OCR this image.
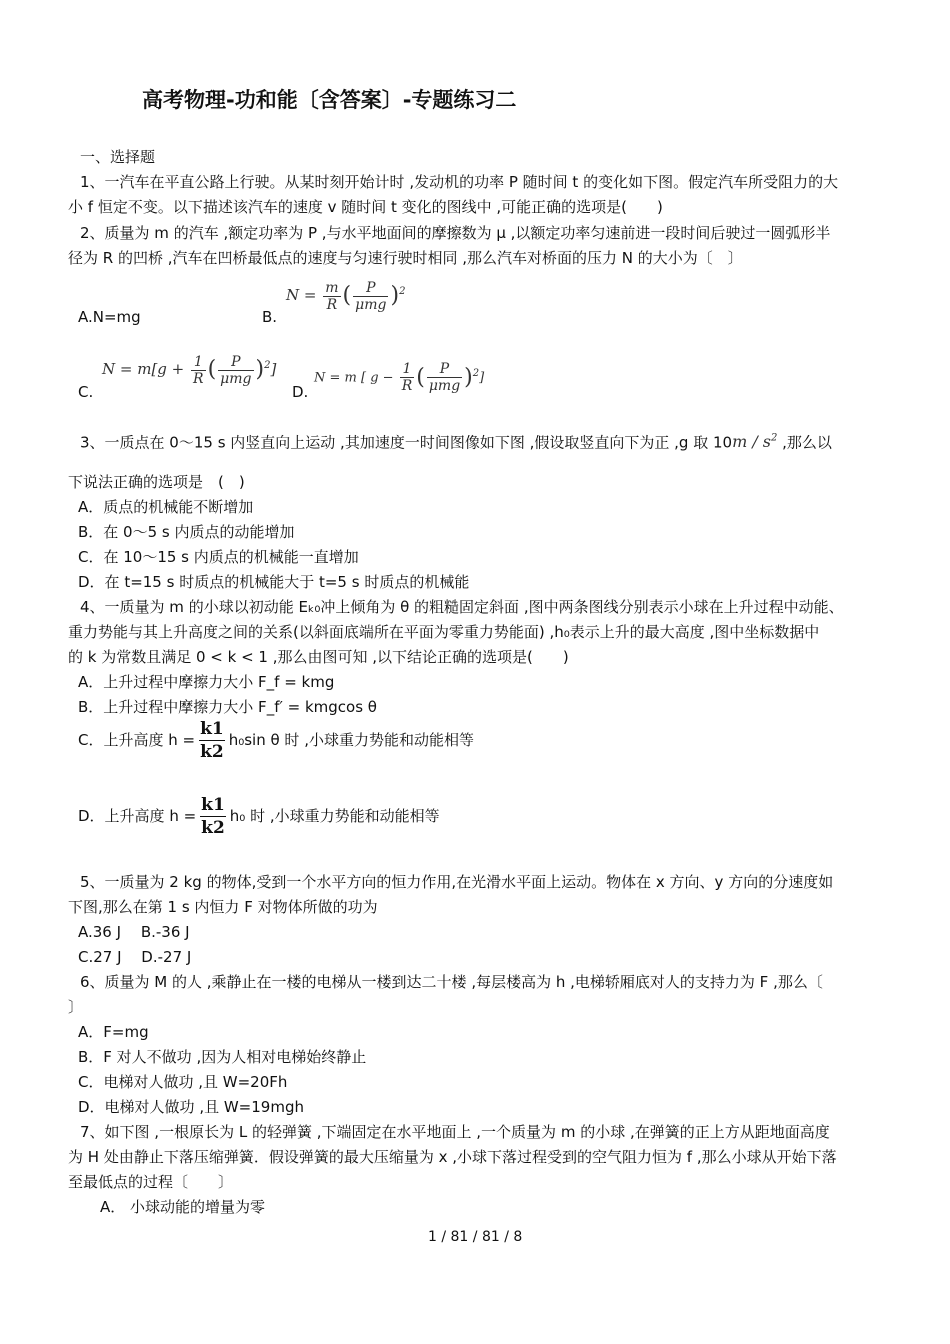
高考物理-功和能〔含答案〕-专题练习二
一、选择题
1、一汽车在平直公路上行驶。从某时刻开始计时 ,发动机的功率 P 随时间 t 的变化如下图。假定汽车所受阻力的大
小 f 恒定不变。以下描述该汽车的速度 v 随时间 t 变化的图线中 ,可能正确的选项是(　　)
2、质量为 m 的汽车 ,额定功率为 P ,与水平地面间的摩擦数为 μ ,以额定功率匀速前进一段时间后驶过一圆弧形半
径为 R 的凹桥 ,汽车在凹桥最低点的速度与匀速行驶时相同 ,那么汽车对桥面的压力 N 的大小为〔　〕
A.N=mg	B.
$N = \frac{m}{R}$ ( $\frac{P}{\text{μmg}} )^2$
$N = m[g + \frac{1}{R}$ ( $\frac{P}{\text{μmg}} )^2$]
C.	D.
N = m [ $g - \frac{1}{R}$ ( $\frac{P}{\text{μmg}} )^2$]
3、一质点在 0～15 s 内竖直向上运动 ,其加速度一时间图像如下图 ,假设取竖直向下为正 ,g 取 $10m / s^2$ ,那么以
下说法正确的选项是　(　)
A．质点的机械能不断增加
B．在 0～5 s 内质点的动能增加
C．在 10～15 s 内质点的机械能一直增加
D．在 t=15 s 时质点的机械能大于 t=5 s 时质点的机械能
4、一质量为 m 的小球以初动能 Eₖ₀冲上倾角为 θ 的粗糙固定斜面 ,图中两条图线分别表示小球在上升过程中动能、
重力势能与其上升高度之间的关系(以斜面底端所在平面为零重力势能面) ,h₀表示上升的最大高度 ,图中坐标数据中
的 k 为常数且满足 0 < k < 1 ,那么由图可知 ,以下结论正确的选项是(　　)
A．上升过程中摩擦力大小 F_f = kmg
B．上升过程中摩擦力大小 F_f′ = kmgcos θ
C．上升高度 $h = \frac{k1}{k2} h_0\sin$ θ 时 ,小球重力势能和动能相等
D．上升高度 $h = \frac{k1}{k2} h_0$ 时 ,小球重力势能和动能相等
5、一质量为 2 kg 的物体,受到一个水平方向的恒力作用,在光滑水平面上运动。物体在 x 方向、y 方向的分速度如
下图,那么在第 1 s 内恒力 F 对物体所做的功为
A.36 J　 B.-36 J
C.27 J　 D.-27 J
6、质量为 M 的人 ,乘静止在一楼的电梯从一楼到达二十楼 ,每层楼高为 h ,电梯轿厢底对人的支持力为 F ,那么〔
〕
A．F=mg
B．F 对人不做功 ,因为人相对电梯始终静止
C．电梯对人做功 ,且 W=20Fh
D．电梯对人做功 ,且 W=19mgh
7、如下图 ,一根原长为 L 的轻弹簧 ,下端固定在水平地面上 ,一个质量为 m 的小球 ,在弹簧的正上方从距地面高度
为 H 处由静止下落压缩弹簧．假设弹簧的最大压缩量为 x ,小球下落过程受到的空气阻力恒为 f ,那么小球从开始下落
至最低点的过程〔　　〕
A． 小球动能的增量为零
1 / 81 / 81 / 8
